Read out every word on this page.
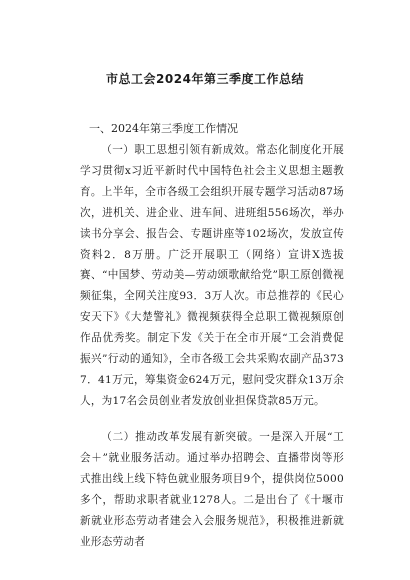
市总工会2024年第三季度工作总结

一、2024年第三季度工作情况

（一）职工思想引领有新成效。常态化制度化开展学习贯彻x习近平新时代中国特色社会主义思想主题教育。上半年，全市各级工会组织开展专题学习活动87场次，进机关、进企业、进车间、进班组556场次，举办读书分享会、报告会、专题讲座等102场次，发放宣传资料2．8万册。广泛开展职工（网络）宣讲X选拔赛、“中国梦、劳动美—劳动颂歌献给党”职工原创微视频征集，全网关注度93．3万人次。市总推荐的《民心安天下》《大楚警礼》微视频获得全总职工微视频原创作品优秀奖。制定下发《关于在全市开展“工会消费促振兴”行动的通知》，全市各级工会共采购农副产品3737．41万元，筹集资金624万元，慰问受灾群众13万余人，为17名会员创业者发放创业担保贷款85万元。

（二）推动改革发展有新突破。一是深入开展“工会＋”就业服务活动。通过举办招聘会、直播带岗等形式推出线上线下特色就业服务项目9个，提供岗位5000多个，帮助求职者就业1278人。二是出台了《十堰市新就业形态劳动者建会入会服务规范》，积极推进新就业形态劳动者
